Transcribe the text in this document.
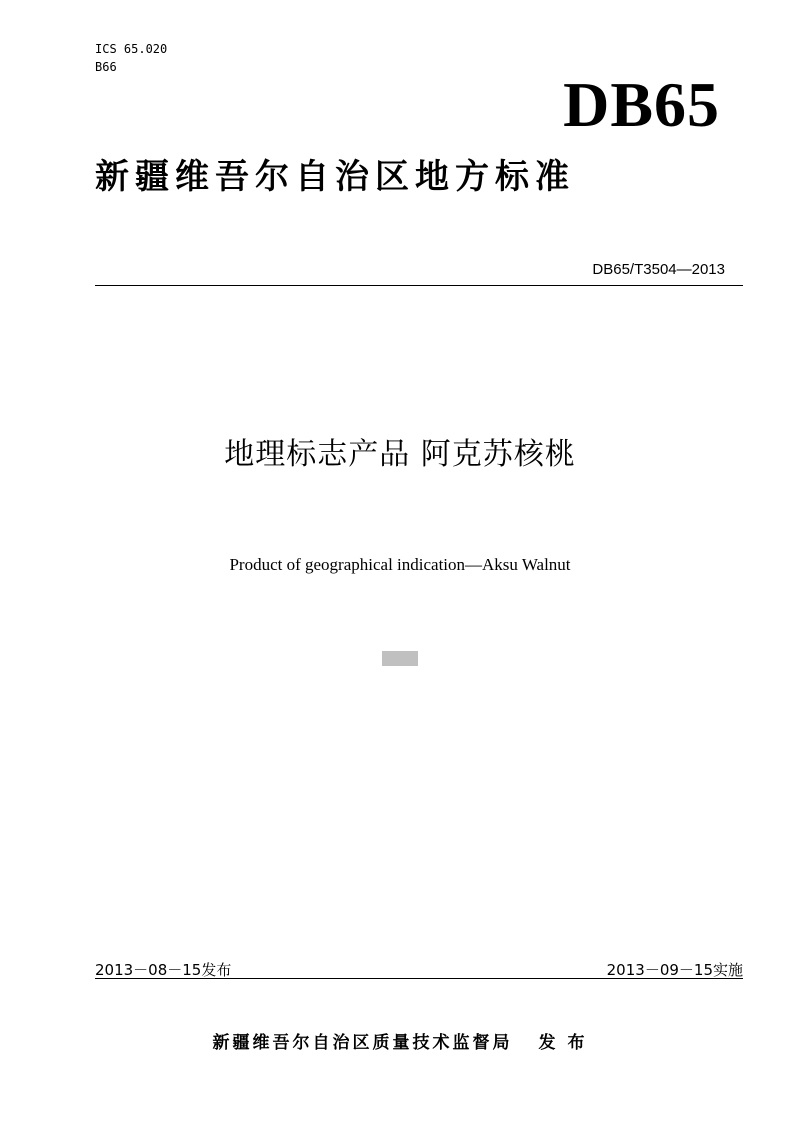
ICS 65.020
B66
DB65
新疆维吾尔自治区地方标准
DB65/T3504—2013
地理标志产品 阿克苏核桃
Product of geographical indication—Aksu Walnut
2013－08－15发布	2013－09－15实施
新疆维吾尔自治区质量技术监督局 发 布
